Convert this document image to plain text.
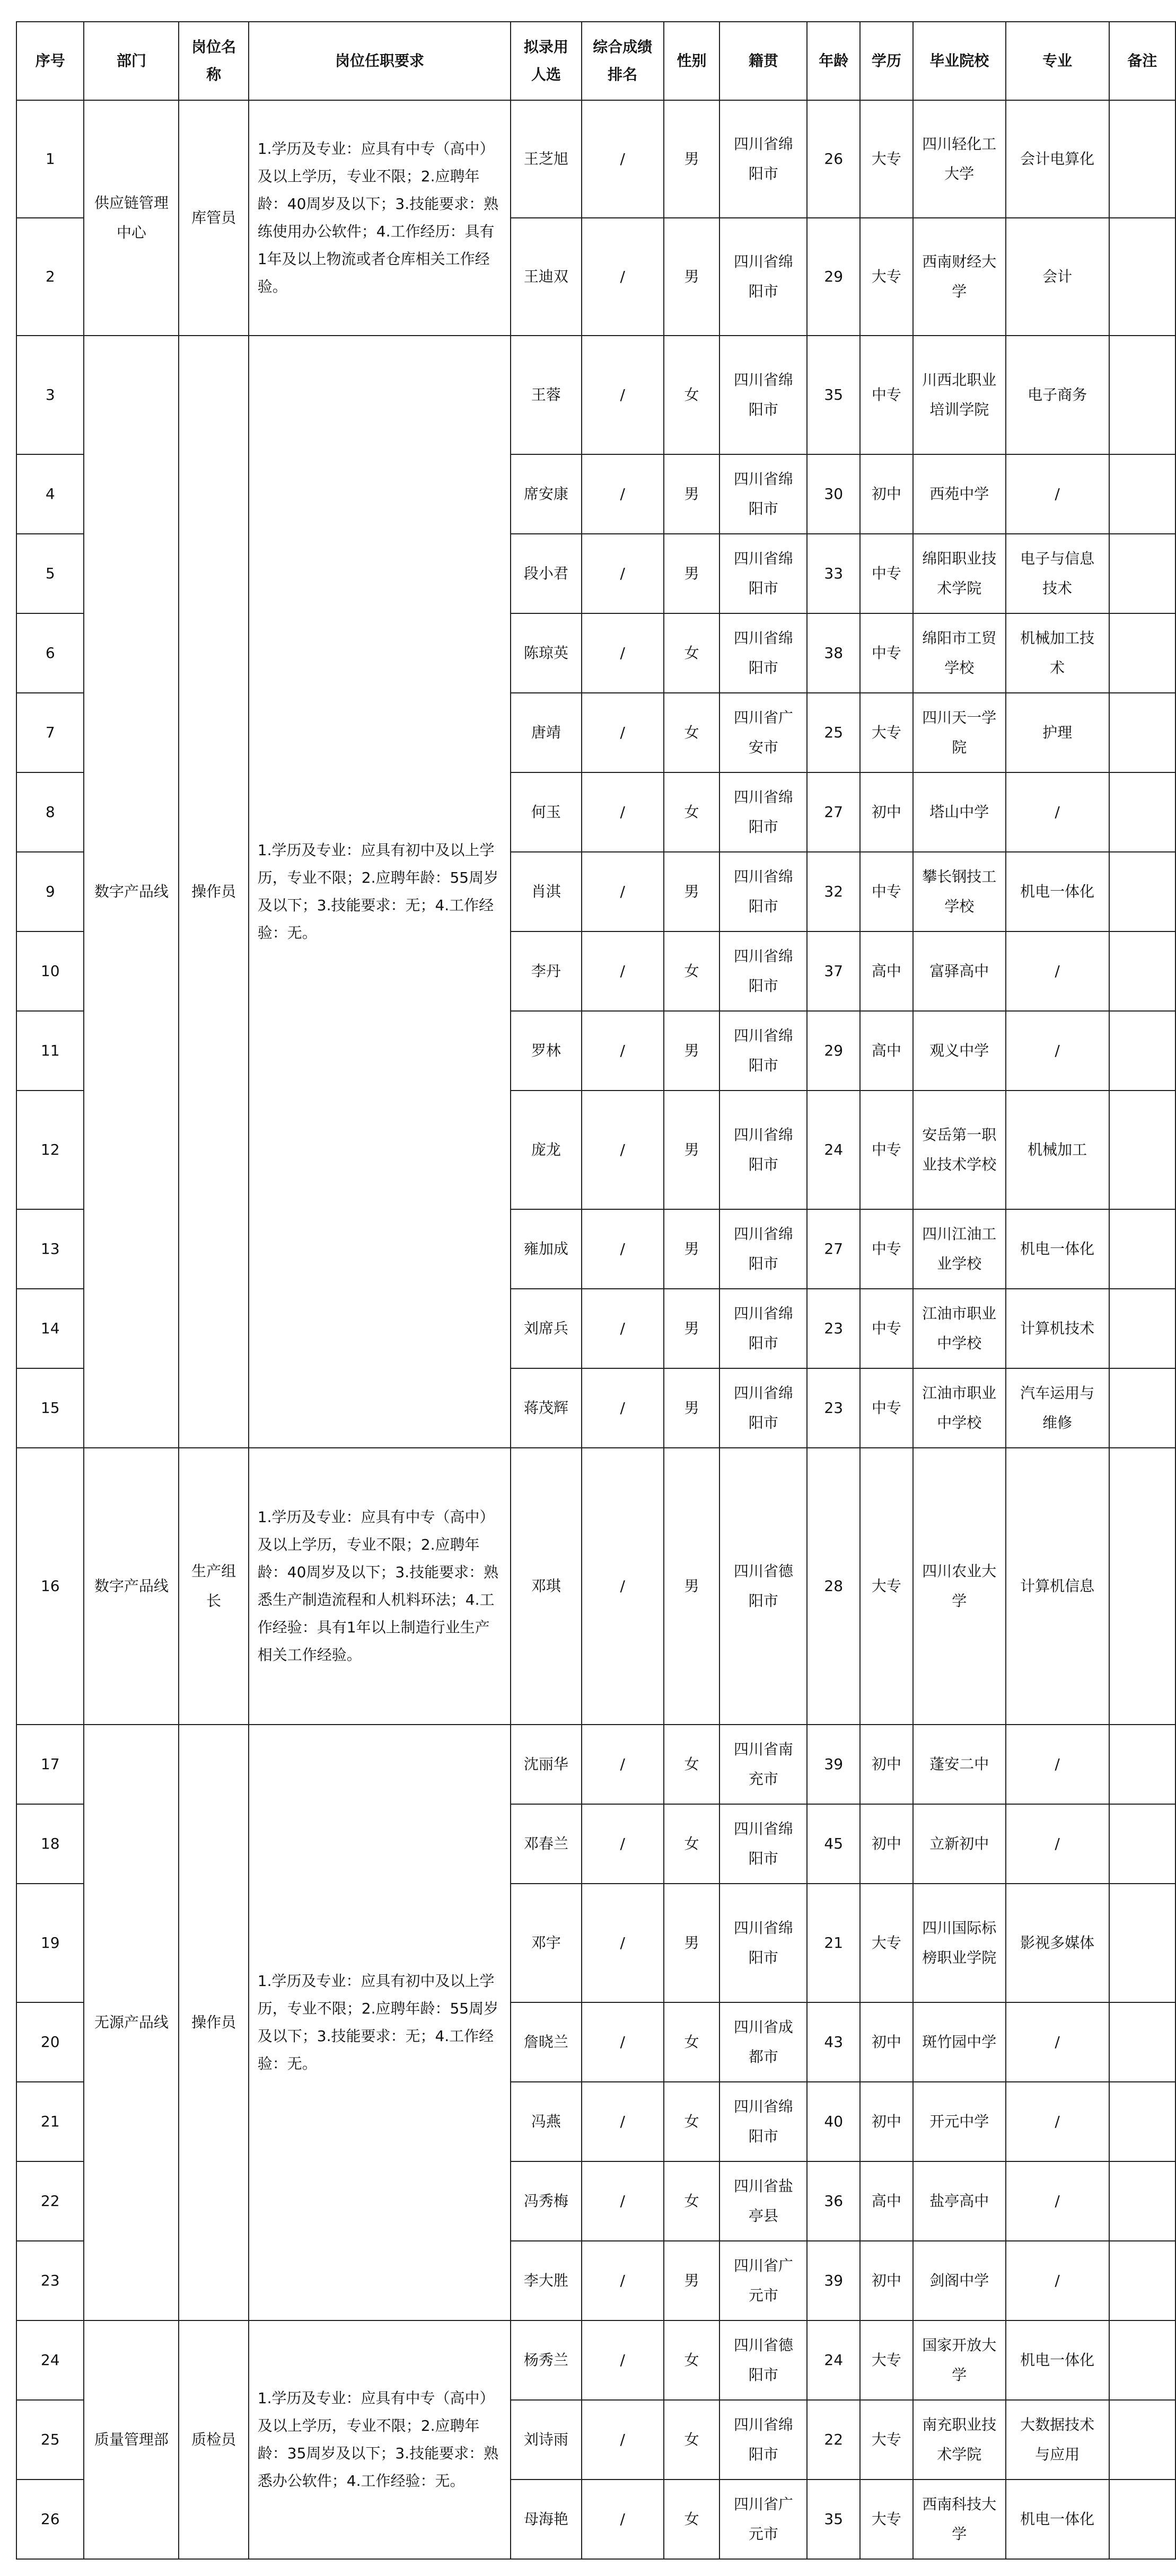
序号	部门	岗位名称	岗位任职要求	拟录用人选	综合成绩排名	性别	籍贯	年龄	学历	毕业院校	专业	备注
1	供应链管理中心	库管员	1.学历及专业：应具有中专（高中）及以上学历，专业不限；2.应聘年龄：40周岁及以下；3.技能要求：熟练使用办公软件；4.工作经历：具有1年及以上物流或者仓库相关工作经验。	王芝旭	/	男	四川省绵阳市	26	大专	四川轻化工大学	会计电算化	
2				王迪双	/	男	四川省绵阳市	29	大专	西南财经大学	会计	
3	数字产品线	操作员	1.学历及专业：应具有初中及以上学历，专业不限；2.应聘年龄：55周岁及以下；3.技能要求：无；4.工作经验：无。	王蓉	/	女	四川省绵阳市	35	中专	川西北职业培训学院	电子商务	
4				席安康	/	男	四川省绵阳市	30	初中	西苑中学	/	
5				段小君	/	男	四川省绵阳市	33	中专	绵阳职业技术学院	电子与信息技术	
6				陈琼英	/	女	四川省绵阳市	38	中专	绵阳市工贸学校	机械加工技术	
7				唐靖	/	女	四川省广安市	25	大专	四川天一学院	护理	
8				何玉	/	女	四川省绵阳市	27	初中	塔山中学	/	
9				肖淇	/	男	四川省绵阳市	32	中专	攀长钢技工学校	机电一体化	
10				李丹	/	女	四川省绵阳市	37	高中	富驿高中	/	
11				罗林	/	男	四川省绵阳市	29	高中	观义中学	/	
12				庞龙	/	男	四川省绵阳市	24	中专	安岳第一职业技术学校	机械加工	
13				雍加成	/	男	四川省绵阳市	27	中专	四川江油工业学校	机电一体化	
14				刘席兵	/	男	四川省绵阳市	23	中专	江油市职业中学校	计算机技术	
15				蒋茂辉	/	男	四川省绵阳市	23	中专	江油市职业中学校	汽车运用与维修	
16	数字产品线	生产组长	1.学历及专业：应具有中专（高中）及以上学历，专业不限；2.应聘年龄：40周岁及以下；3.技能要求：熟悉生产制造流程和人机料环法；4.工作经验：具有1年以上制造行业生产相关工作经验。	邓琪	/	男	四川省德阳市	28	大专	四川农业大学	计算机信息	
17	无源产品线	操作员	1.学历及专业：应具有初中及以上学历，专业不限；2.应聘年龄：55周岁及以下；3.技能要求：无；4.工作经验：无。	沈丽华	/	女	四川省南充市	39	初中	蓬安二中	/	
18				邓春兰	/	女	四川省绵阳市	45	初中	立新初中	/	
19				邓宇	/	男	四川省绵阳市	21	大专	四川国际标榜职业学院	影视多媒体	
20				詹晓兰	/	女	四川省成都市	43	初中	斑竹园中学	/	
21				冯燕	/	女	四川省绵阳市	40	初中	开元中学	/	
22				冯秀梅	/	女	四川省盐亭县	36	高中	盐亭高中	/	
23				李大胜	/	男	四川省广元市	39	初中	剑阁中学	/	
24	质量管理部	质检员	1.学历及专业：应具有中专（高中）及以上学历，专业不限；2.应聘年龄：35周岁及以下；3.技能要求：熟悉办公软件；4.工作经验：无。	杨秀兰	/	女	四川省德阳市	24	大专	国家开放大学	机电一体化	
25				刘诗雨	/	女	四川省绵阳市	22	大专	南充职业技术学院	大数据技术与应用	
26				母海艳	/	女	四川省广元市	35	大专	西南科技大学	机电一体化	
